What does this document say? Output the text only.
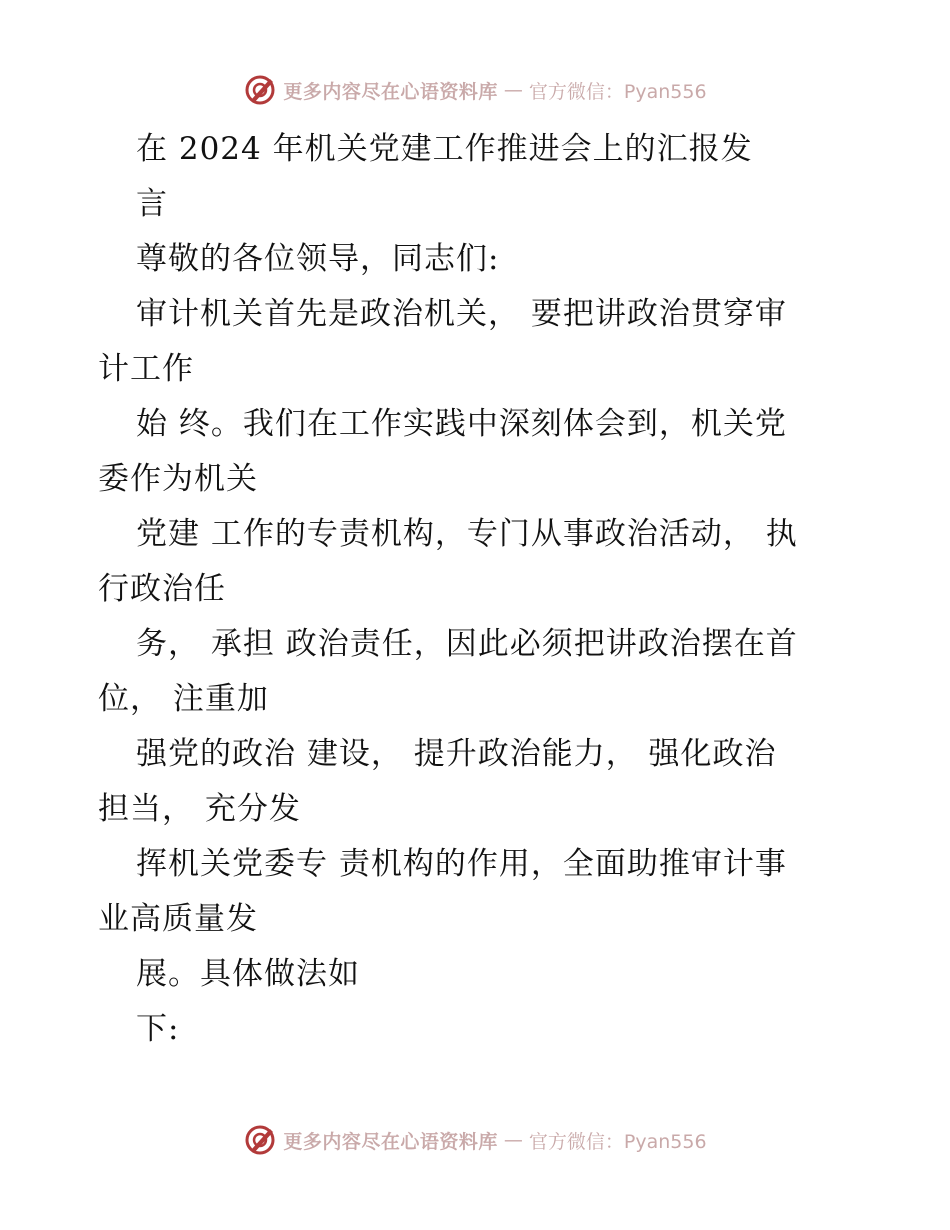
更多内容尽在心语资料库 — 官方微信：Pyan556
在 2024 年机关党建工作推进会上的汇报发
言
尊敬的各位领导，同志们:
审计机关首先是政治机关， 要把讲政治贯穿审
计工作
始 终。我们在工作实践中深刻体会到，机关党
委作为机关
党建 工作的专责机构，专门从事政治活动， 执
行政治任
务， 承担 政治责任，因此必须把讲政治摆在首
位， 注重加
强党的政治 建设， 提升政治能力， 强化政治
担当， 充分发
挥机关党委专 责机构的作用，全面助推审计事
业高质量发
展。具体做法如
下:
更多内容尽在心语资料库 — 官方微信：Pyan556
